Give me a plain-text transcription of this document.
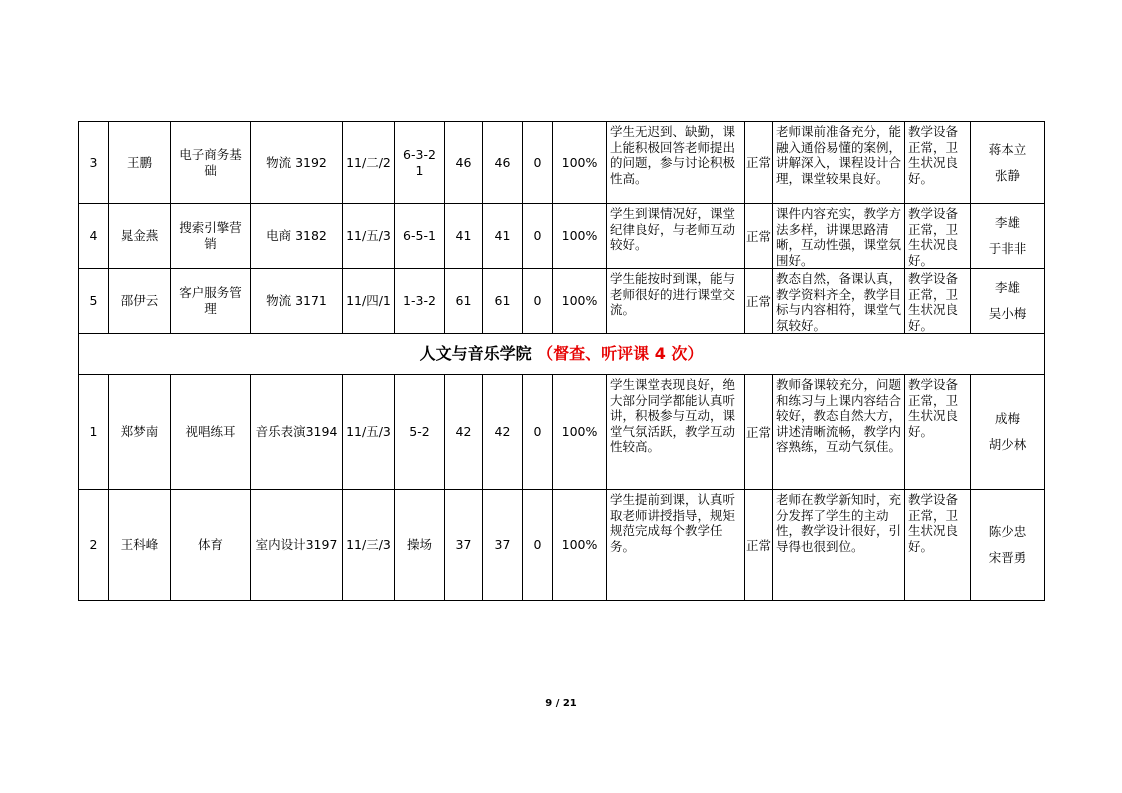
3	王鹏	电子商务基础	物流 3192	11/二/2	6-3-2 1	46	46	0	100%	学生无迟到、缺勤，课上能积极回答老师提出的问题，参与讨论积极性高。	正常	老师课前准备充分，能融入通俗易懂的案例，讲解深入，课程设计合理，课堂较果良好。	教学设备正常，卫生状况良好。	蒋本立
张静

4	晁金燕	搜索引擎营销	电商 3182	11/五/3	6-5-1	41	41	0	100%	学生到课情况好，课堂纪律良好，与老师互动较好。	正常	课件内容充实，教学方法多样，讲课思路清晰，互动性强，课堂氛围好。	教学设备正常，卫生状况良好。	李雄
于非非

5	邵伊云	客户服务管理	物流 3171	11/四/1	1-3-2	61	61	0	100%	学生能按时到课，能与老师很好的进行课堂交流。	正常	教态自然，备课认真，教学资料齐全，教学目标与内容相符，课堂气氛较好。	教学设备正常，卫生状况良好。	李雄
吴小梅

人文与音乐学院 （督查、听评课 4 次）														
1	郑梦南	视唱练耳	音乐表演3194	11/五/3	5-2	42	42	0	100%	学生课堂表现良好，绝大部分同学都能认真听讲，积极参与互动，课堂气氛活跃，教学互动性较高。	正常	教师备课较充分，问题和练习与上课内容结合较好，教态自然大方，讲述清晰流畅，教学内容熟练，互动气氛佳。	教学设备正常，卫生状况良好。	成梅
胡少林

2	王科峰	体育	室内设计3197	11/三/3	操场	37	37	0	100%	学生提前到课，认真听取老师讲授指导，规矩规范完成每个教学任务。	正常	老师在教学新知时，充分发挥了学生的主动性，教学设计很好，引导得也很到位。	教学设备正常，卫生状况良好。	陈少忠
宋晋勇
9 / 21
